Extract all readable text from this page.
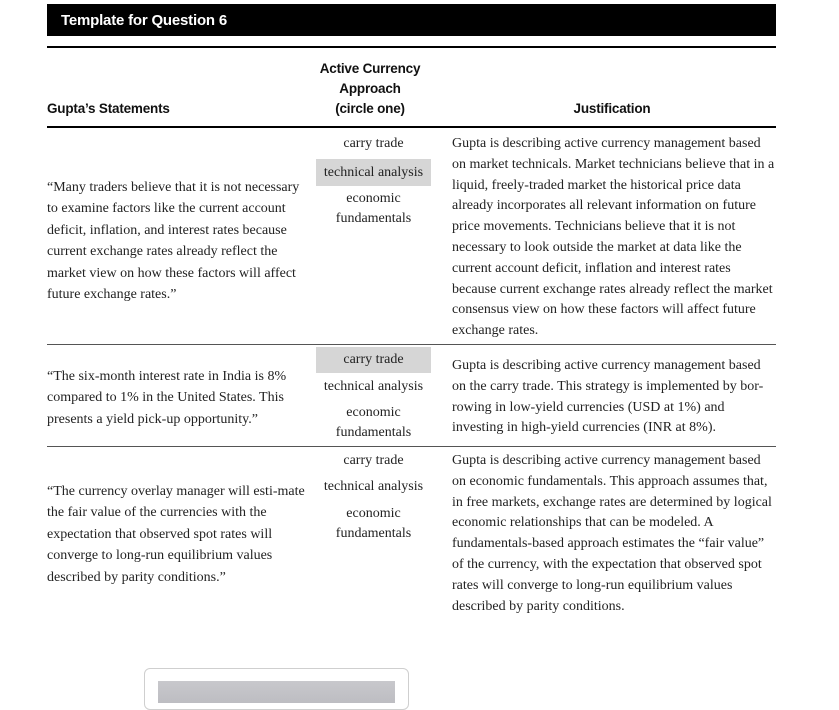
Template for Question 6
Gupta’s Statements
Active Currency
Approach
(circle one)	Justification
“Many traders believe that it is not necessary to examine factors like the current account deficit, inflation, and interest rates because current exchange rates already reflect the market view on how these factors will affect future exchange rates.”
carry trade
technical analysis
economic fundamentals
Gupta is describing active currency management based on market technicals. Market technicians believe that in a liquid, freely-traded market the historical price data already incorporates all relevant information on future price movements. Technicians believe that it is not necessary to look outside the market at data like the current account deficit, inflation and interest rates because current exchange rates already reflect the market consensus view on how these factors will affect future exchange rates.
“The six-month interest rate in India is 8% compared to 1% in the United States. This presents a yield pick-up opportunity.”
carry trade
technical analysis
economic fundamentals
Gupta is describing active currency management based on the carry trade. This strategy is implemented by bor-rowing in low-yield currencies (USD at 1%) and investing in high-yield currencies (INR at 8%).
“The currency overlay manager will esti-mate the fair value of the currencies with the expectation that observed spot rates will converge to long-run equilibrium values described by parity conditions.”
carry trade
technical analysis
economic fundamentals
Gupta is describing active currency management based on economic fundamentals. This approach assumes that, in free markets, exchange rates are determined by logical economic relationships that can be modeled. A fundamentals-based approach estimates the “fair value” of the currency, with the expectation that observed spot rates will converge to long-run equilibrium values described by parity conditions.
